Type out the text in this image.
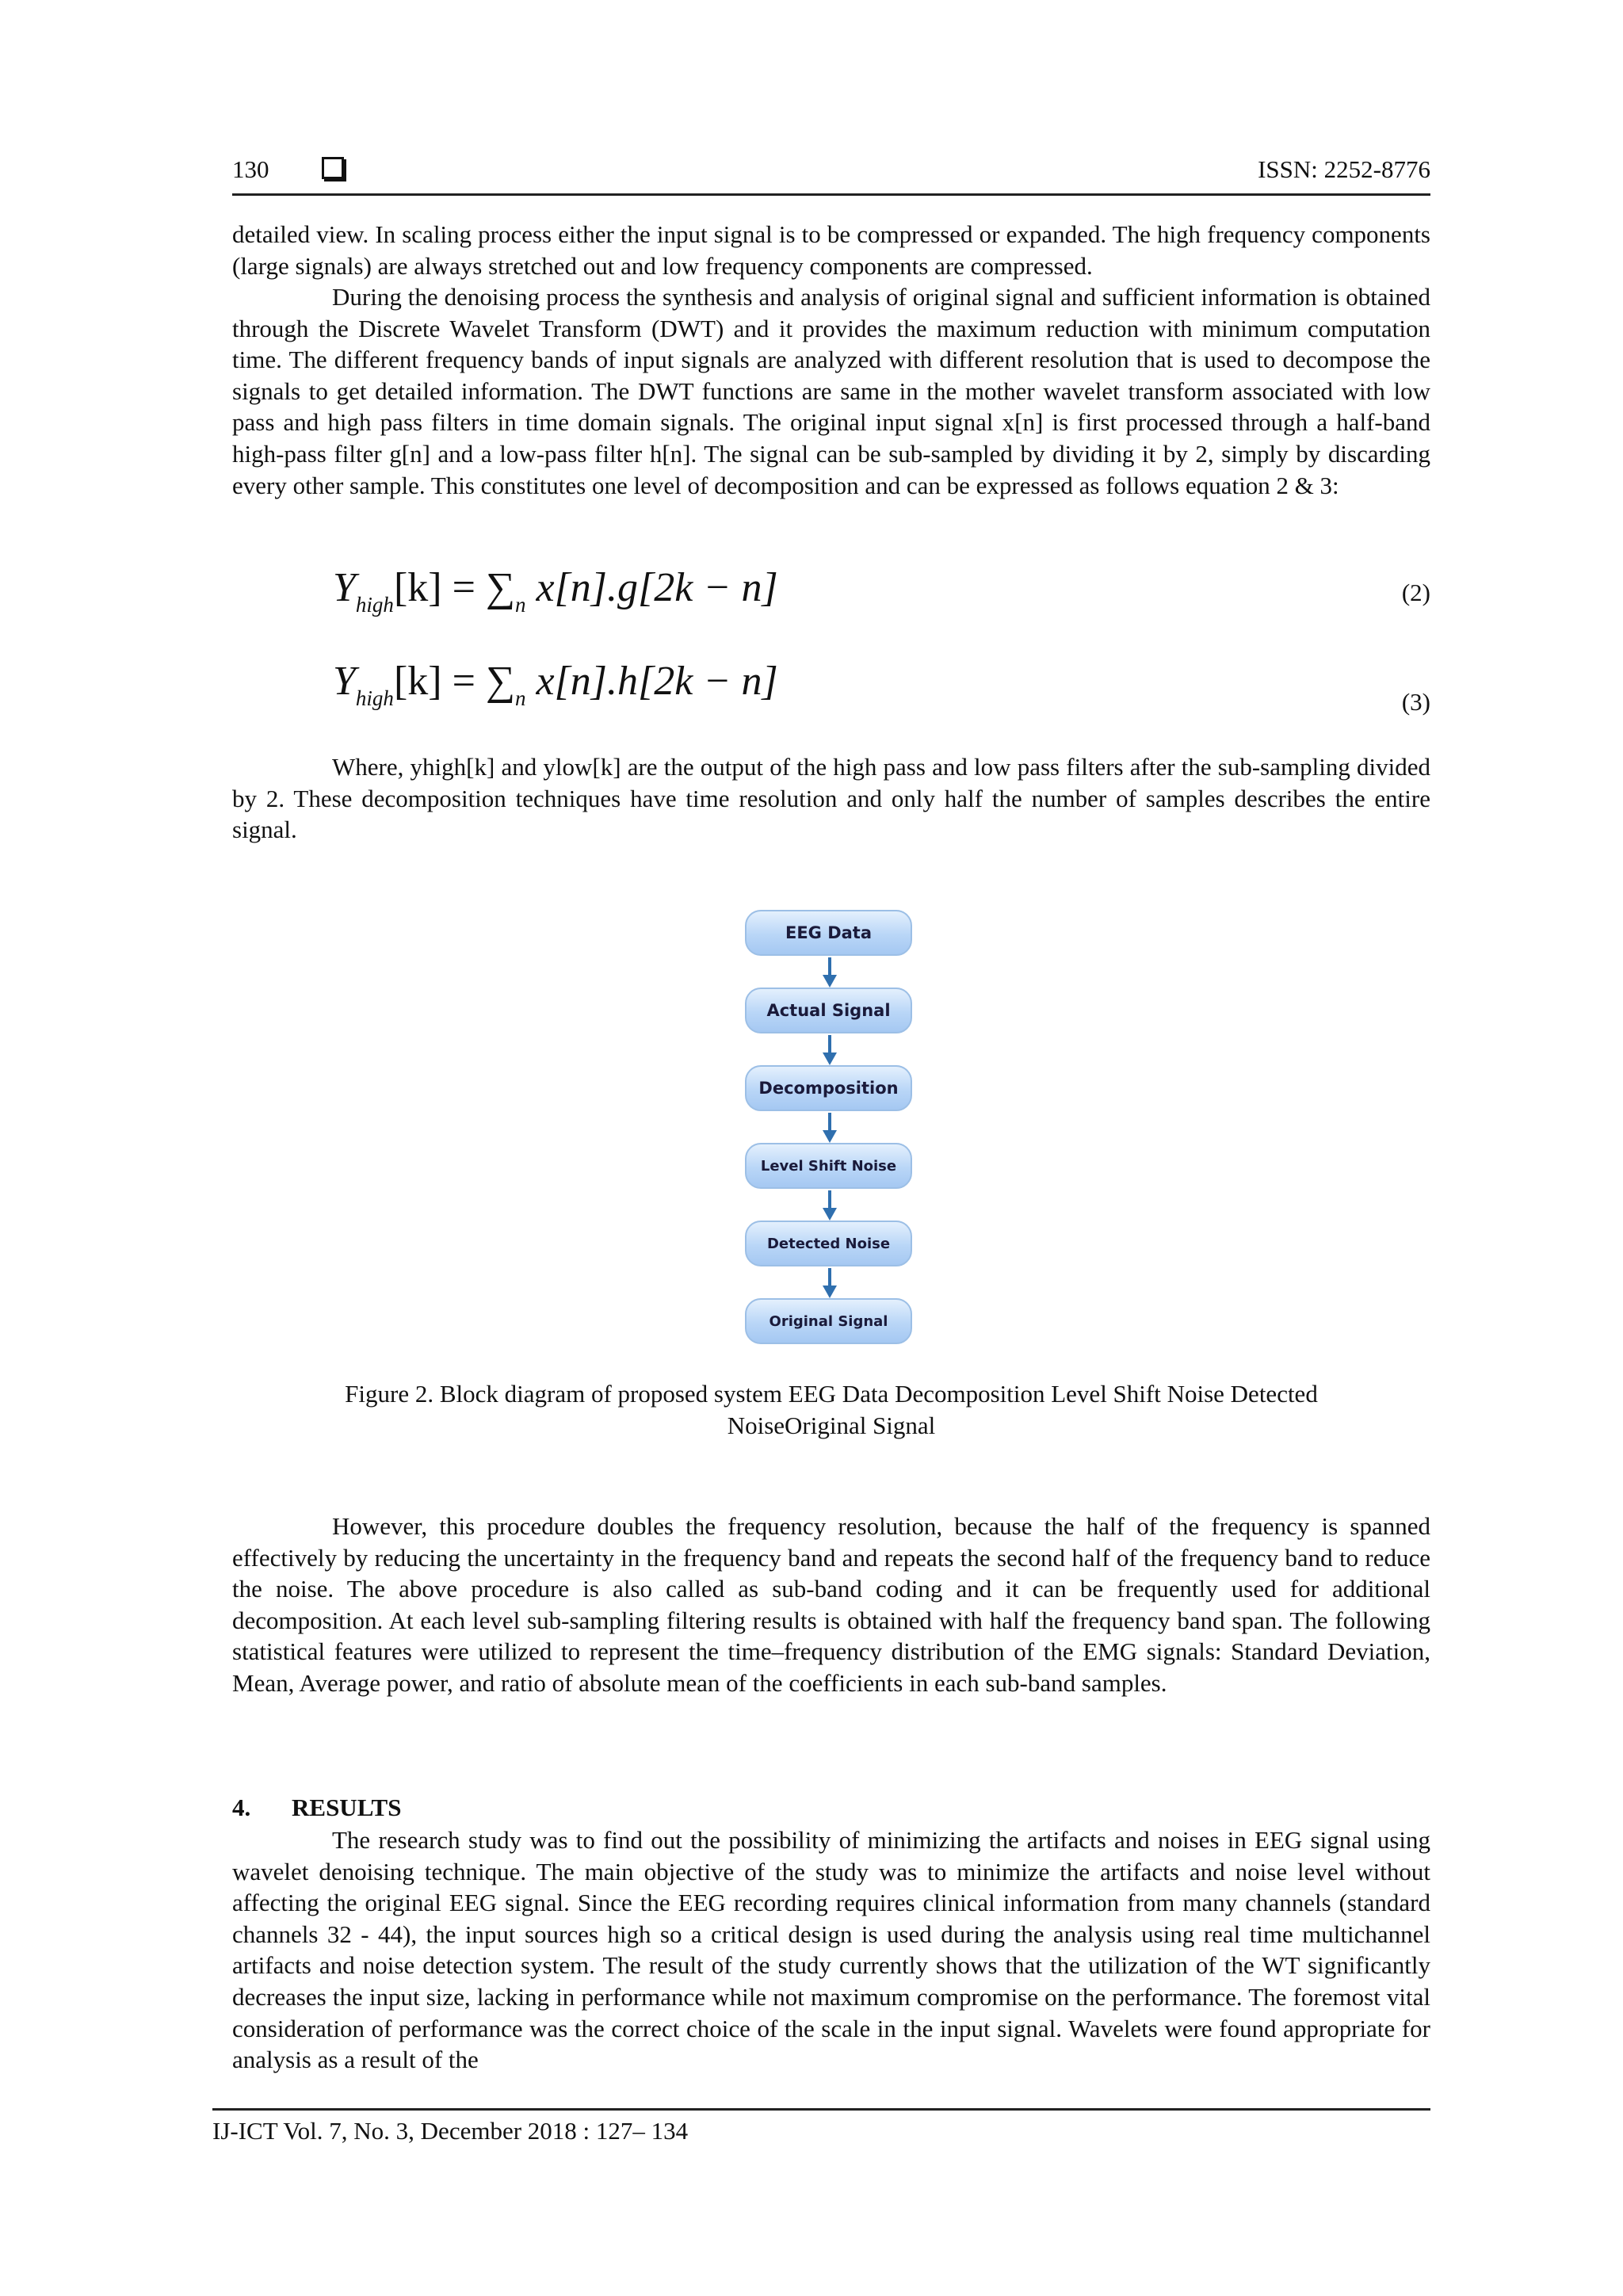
130	ISSN: 2252-8776

detailed view. In scaling process either the input signal is to be compressed or expanded. The high frequency components (large signals) are always stretched out and low frequency components are compressed.

During the denoising process the synthesis and analysis of original signal and sufficient information is obtained through the Discrete Wavelet Transform (DWT) and it provides the maximum reduction with minimum computation time. The different frequency bands of input signals are analyzed with different resolution that is used to decompose the signals to get detailed information. The DWT functions are same in the mother wavelet transform associated with low pass and high pass filters in time domain signals. The original input signal x[n] is first processed through a half-band high-pass filter g[n] and a low-pass filter h[n]. The signal can be sub-sampled by dividing it by 2, simply by discarding every other sample. This constitutes one level of decomposition and can be expressed as follows equation 2 & 3:

$Y_{high}[k] = \sum_n$ x[n].g[2k − n]	(2)
$Y_{high}[k] = \sum_n$ x[n].h[2k − n]	(3)

Where, yhigh[k] and ylow[k] are the output of the high pass and low pass filters after the sub-sampling divided by 2. These decomposition techniques have time resolution and only half the number of samples describes the entire signal.

EEG Data
Actual Signal
Decomposition
Level Shift Noise
Detected Noise
Original Signal
Figure 2. Block diagram of proposed system EEG Data Decomposition Level Shift Noise Detected
NoiseOriginal Signal

However, this procedure doubles the frequency resolution, because the half of the frequency is spanned effectively by reducing the uncertainty in the frequency band and repeats the second half of the frequency band to reduce the noise. The above procedure is also called as sub-band coding and it can be frequently used for additional decomposition. At each level sub-sampling filtering results is obtained with half the frequency band span. The following statistical features were utilized to represent the time–frequency distribution of the EMG signals: Standard Deviation, Mean, Average power, and ratio of absolute mean of the coefficients in each sub-band samples.

4. RESULTS

The research study was to find out the possibility of minimizing the artifacts and noises in EEG signal using wavelet denoising technique. The main objective of the study was to minimize the artifacts and noise level without affecting the original EEG signal. Since the EEG recording requires clinical information from many channels (standard channels 32 - 44), the input sources high so a critical design is used during the analysis using real time multichannel artifacts and noise detection system. The result of the study currently shows that the utilization of the WT significantly decreases the input size, lacking in performance while not maximum compromise on the performance. The foremost vital consideration of performance was the correct choice of the scale in the input signal. Wavelets were found appropriate for analysis as a result of the

IJ-ICT Vol. 7, No. 3, December 2018 : 127– 134
